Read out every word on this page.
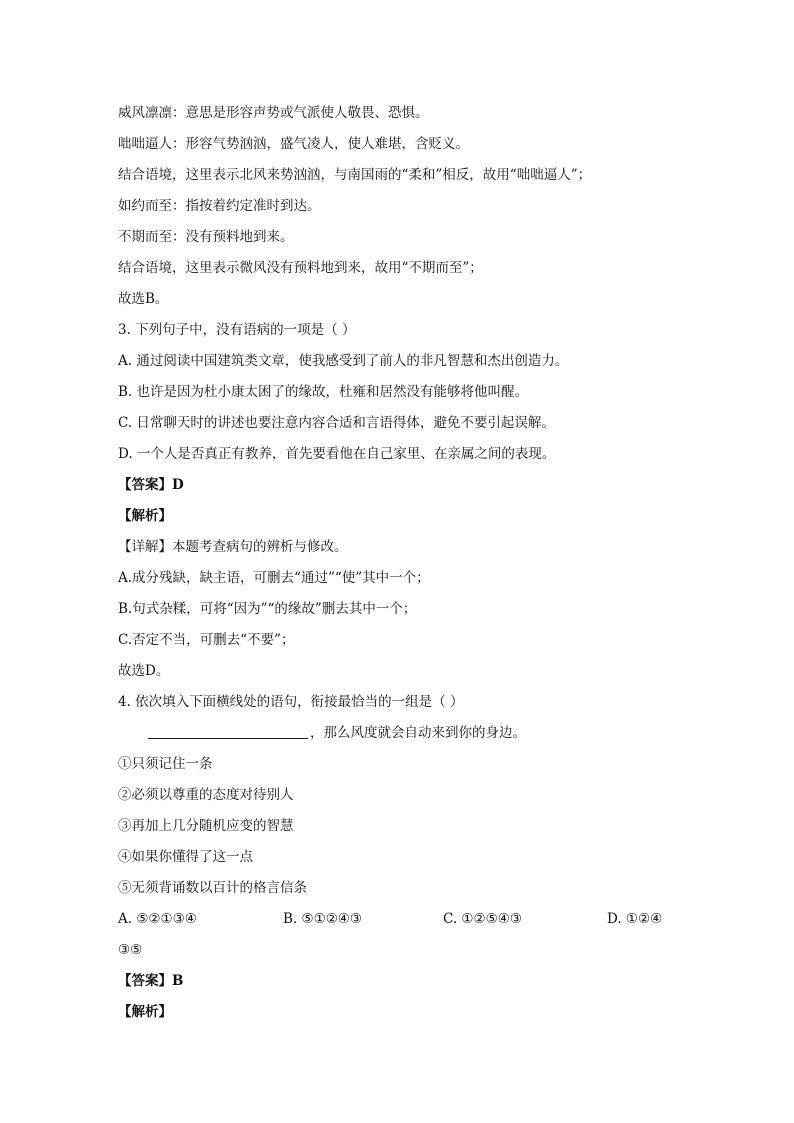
威风凛凛：意思是形容声势或气派使人敬畏、恐惧。
咄咄逼人：形容气势汹汹，盛气凌人，使人难堪，含贬义。
结合语境，这里表示北风来势汹汹，与南国雨的“柔和”相反，故用“咄咄逼人”；
如约而至：指按着约定准时到达。
不期而至：没有预料地到来。
结合语境，这里表示微风没有预料地到来，故用“不期而至”；
故选B。
3. 下列句子中，没有语病的一项是（ ）
A. 通过阅读中国建筑类文章，使我感受到了前人的非凡智慧和杰出创造力。
B. 也许是因为杜小康太困了的缘故，杜雍和居然没有能够将他叫醒。
C. 日常聊天时的讲述也要注意内容合适和言语得体，避免不要引起误解。
D. 一个人是否真正有教养，首先要看他在自己家里、在亲属之间的表现。
【答案】D
【解析】
【详解】本题考查病句的辨析与修改。
A.成分残缺，缺主语，可删去“通过”“使”其中一个；
B.句式杂糅，可将“因为”“的缘故”删去其中一个；
C.否定不当，可删去“不要”；
故选D。
4. 依次填入下面横线处的语句，衔接最恰当的一组是（ ）
，那么风度就会自动来到你的身边。
①只须记住一条
②必须以尊重的态度对待别人
③再加上几分随机应变的智慧
④如果你懂得了这一点
⑤无须背诵数以百计的格言信条
A. ⑤②①③④	B. ⑤①②④③	C. ①②⑤④③	D. ①②④
③⑤
【答案】B
【解析】
